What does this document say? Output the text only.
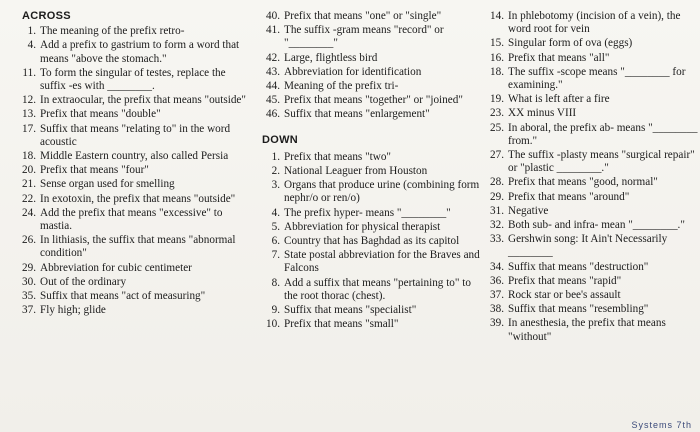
ACROSS
1. The meaning of the prefix retro-
4. Add a prefix to gastrium to form a word that means "above the stomach."
11. To form the singular of testes, replace the suffix -es with ________.
12. In extraocular, the prefix that means "outside"
13. Prefix that means "double"
17. Suffix that means "relating to" in the word acoustic
18. Middle Eastern country, also called Persia
20. Prefix that means "four"
21. Sense organ used for smelling
22. In exotoxin, the prefix that means "outside"
24. Add the prefix that means "excessive" to mastia.
26. In lithiasis, the suffix that means "abnormal condition"
29. Abbreviation for cubic centimeter
30. Out of the ordinary
35. Suffix that means "act of measuring"
37. Fly high; glide
40. Prefix that means "one" or "single"
41. The suffix -gram means "record" or "________"
42. Large, flightless bird
43. Abbreviation for identification
44. Meaning of the prefix tri-
45. Prefix that means "together" or "joined"
46. Suffix that means "enlargement"
DOWN
1. Prefix that means "two"
2. National Leaguer from Houston
3. Organs that produce urine (combining form nephr/o or ren/o)
4. The prefix hyper- means "________"
5. Abbreviation for physical therapist
6. Country that has Baghdad as its capitol
7. State postal abbreviation for the Braves and Falcons
8. Add a suffix that means "pertaining to" to the root thorac (chest).
9. Suffix that means "specialist"
10. Prefix that means "small"
14. In phlebotomy (incision of a vein), the word root for vein
15. Singular form of ova (eggs)
16. Prefix that means "all"
18. The suffix -scope means "________ for examining."
19. What is left after a fire
23. XX minus VIII
25. In aboral, the prefix ab- means "________ from."
27. The suffix -plasty means "surgical repair" or "plastic ________."
28. Prefix that means "good, normal"
29. Prefix that means "around"
31. Negative
32. Both sub- and infra- mean "________."
33. Gershwin song: It Ain't Necessarily ________
34. Suffix that means "destruction"
36. Prefix that means "rapid"
37. Rock star or bee's assault
38. Suffix that means "resembling"
39. In anesthesia, the prefix that means "without"
Systems 7th
